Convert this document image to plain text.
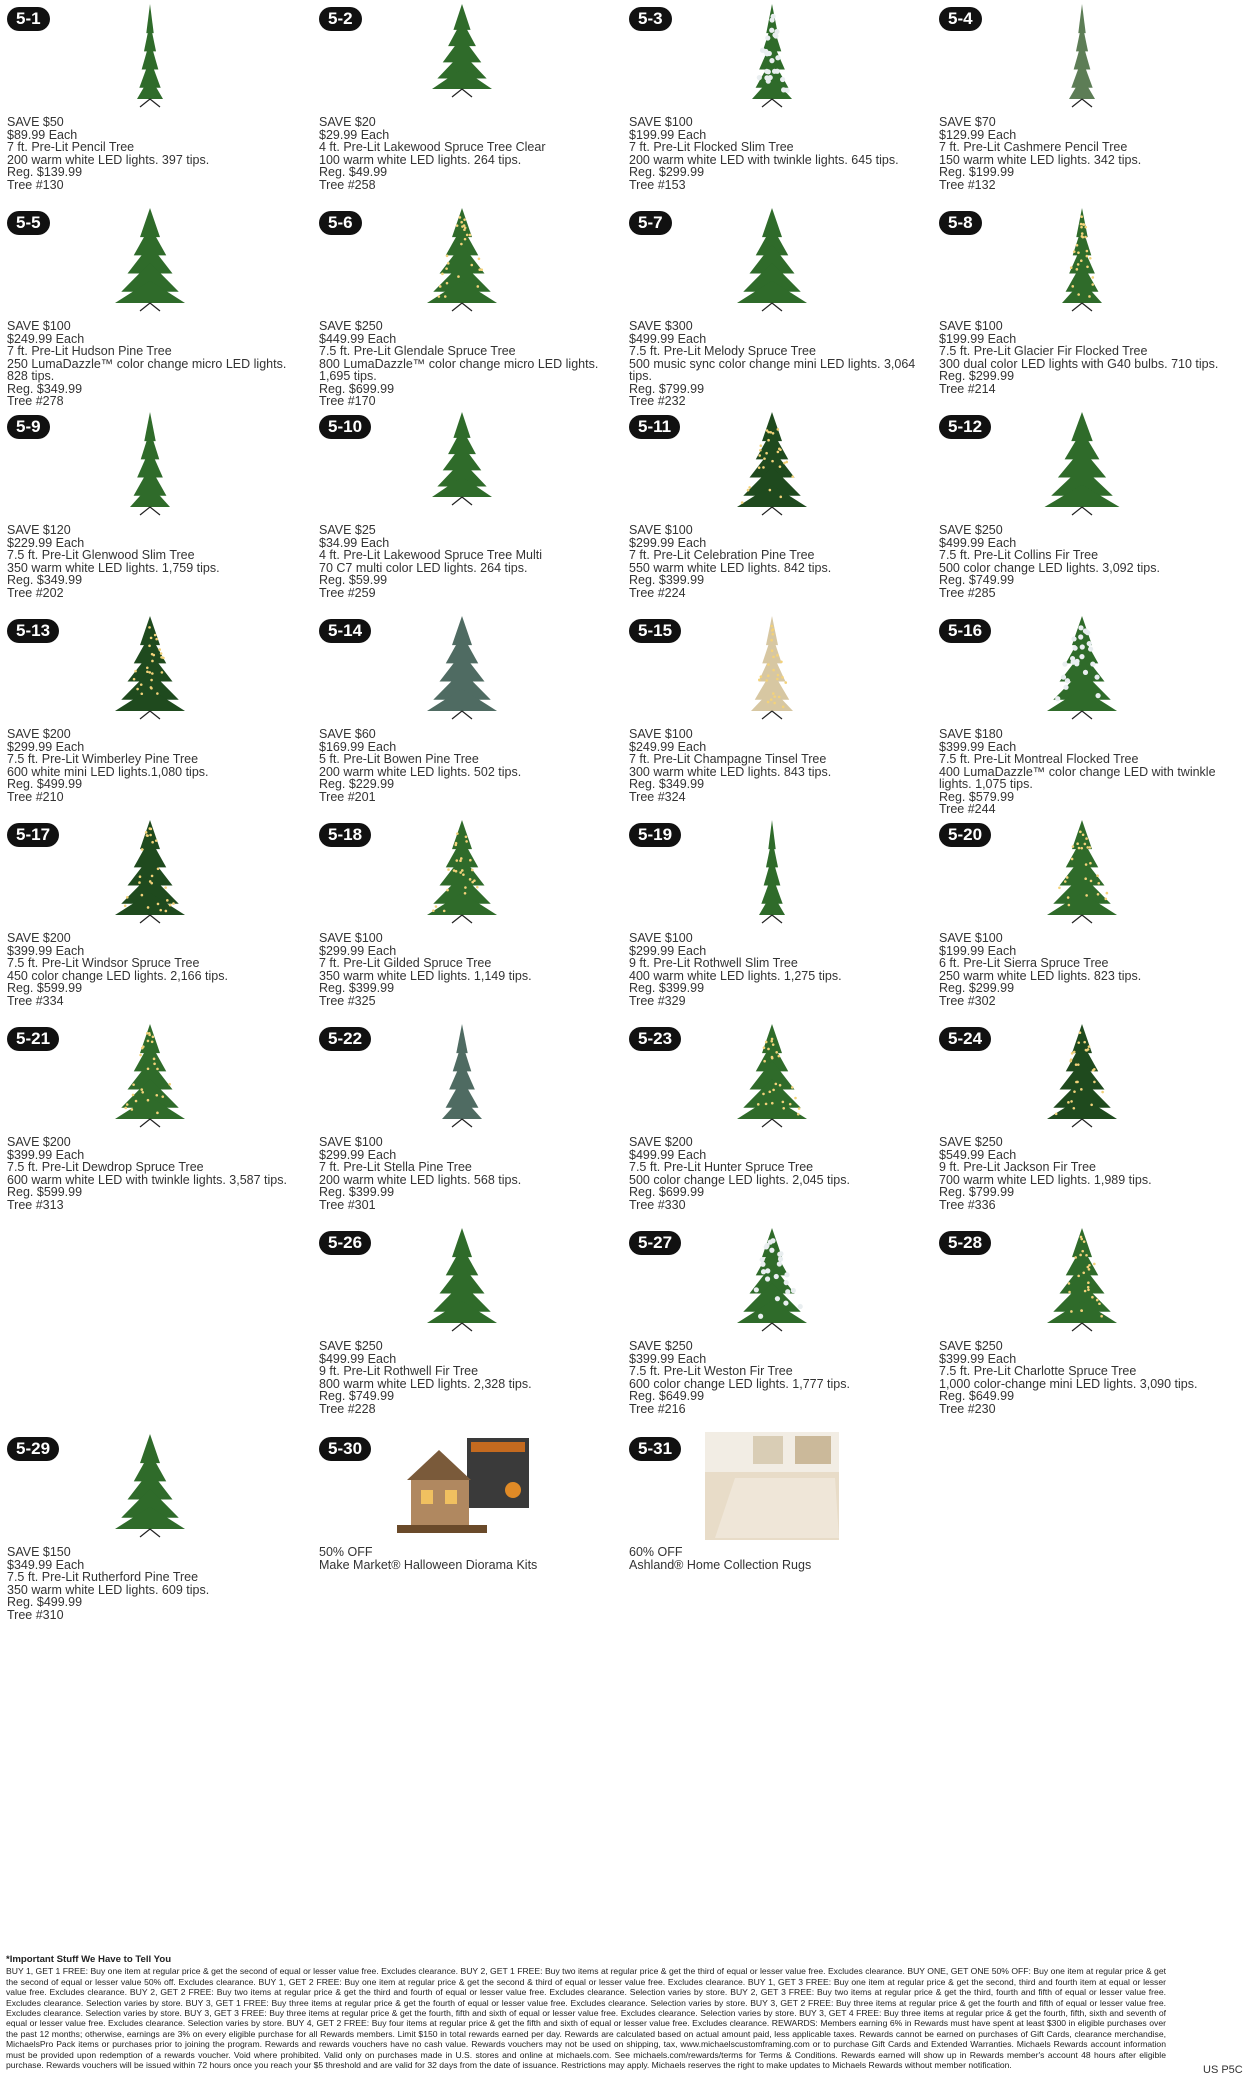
5-1
SAVE $50
$89.99 Each
7 ft. Pre-Lit Pencil Tree
200 warm white LED lights. 397 tips.
Reg. $139.99
Tree #130
5-2
SAVE $20
$29.99 Each
4 ft. Pre-Lit Lakewood Spruce Tree Clear
100 warm white LED lights. 264 tips.
Reg. $49.99
Tree #258
5-3
SAVE $100
$199.99 Each
7 ft. Pre-Lit Flocked Slim Tree
200 warm white LED with twinkle lights. 645 tips.
Reg. $299.99
Tree #153
5-4
SAVE $70
$129.99 Each
7 ft. Pre-Lit Cashmere Pencil Tree
150 warm white LED lights. 342 tips.
Reg. $199.99
Tree #132
5-5
SAVE $100
$249.99 Each
7 ft. Pre-Lit Hudson Pine Tree
250 LumaDazzle™ color change micro LED lights. 828 tips.
Reg. $349.99
Tree #278
5-6
SAVE $250
$449.99 Each
7.5 ft. Pre-Lit Glendale Spruce Tree
800 LumaDazzle™ color change micro LED lights. 1,695 tips.
Reg. $699.99
Tree #170
5-7
SAVE $300
$499.99 Each
7.5 ft. Pre-Lit Melody Spruce Tree
500 music sync color change mini LED lights. 3,064 tips.
Reg. $799.99
Tree #232
5-8
SAVE $100
$199.99 Each
7.5 ft. Pre-Lit Glacier Fir Flocked Tree
300 dual color LED lights with G40 bulbs. 710 tips.
Reg. $299.99
Tree #214
5-9
SAVE $120
$229.99 Each
7.5 ft. Pre-Lit Glenwood Slim Tree
350 warm white LED lights. 1,759 tips.
Reg. $349.99
Tree #202
5-10
SAVE $25
$34.99 Each
4 ft. Pre-Lit Lakewood Spruce Tree Multi
70 C7 multi color LED lights. 264 tips.
Reg. $59.99
Tree #259
5-11
SAVE $100
$299.99 Each
7 ft. Pre-Lit Celebration Pine Tree
550 warm white LED lights. 842 tips.
Reg. $399.99
Tree #224
5-12
SAVE $250
$499.99 Each
7.5 ft. Pre-Lit Collins Fir Tree
500 color change LED lights. 3,092 tips.
Reg. $749.99
Tree #285
5-13
SAVE $200
$299.99 Each
7.5 ft. Pre-Lit Wimberley Pine Tree
600 white mini LED lights.1,080 tips.
Reg. $499.99
Tree #210
5-14
SAVE $60
$169.99 Each
5 ft. Pre-Lit Bowen Pine Tree
200 warm white LED lights. 502 tips.
Reg. $229.99
Tree #201
5-15
SAVE $100
$249.99 Each
7 ft. Pre-Lit Champagne Tinsel Tree
300 warm white LED lights. 843 tips.
Reg. $349.99
Tree #324
5-16
SAVE $180
$399.99 Each
7.5 ft. Pre-Lit Montreal Flocked Tree
400 LumaDazzle™ color change LED with twinkle lights. 1,075 tips.
Reg. $579.99
Tree #244
5-17
SAVE $200
$399.99 Each
7.5 ft. Pre-Lit Windsor Spruce Tree
450 color change LED lights. 2,166 tips.
Reg. $599.99
Tree #334
5-18
SAVE $100
$299.99 Each
7 ft. Pre-Lit Gilded Spruce Tree
350 warm white LED lights. 1,149 tips.
Reg. $399.99
Tree #325
5-19
SAVE $100
$299.99 Each
9 ft. Pre-Lit Rothwell Slim Tree
400 warm white LED lights. 1,275 tips.
Reg. $399.99
Tree #329
5-20
SAVE $100
$199.99 Each
6 ft. Pre-Lit Sierra Spruce Tree
250 warm white LED lights. 823 tips.
Reg. $299.99
Tree #302
5-21
SAVE $200
$399.99 Each
7.5 ft. Pre-Lit Dewdrop Spruce Tree
600 warm white LED with twinkle lights. 3,587 tips.
Reg. $599.99
Tree #313
5-22
SAVE $100
$299.99 Each
7 ft. Pre-Lit Stella Pine Tree
200 warm white LED lights. 568 tips.
Reg. $399.99
Tree #301
5-23
SAVE $200
$499.99 Each
7.5 ft. Pre-Lit Hunter Spruce Tree
500 color change LED lights. 2,045 tips.
Reg. $699.99
Tree #330
5-24
SAVE $250
$549.99 Each
9 ft. Pre-Lit Jackson Fir Tree
700 warm white LED lights. 1,989 tips.
Reg. $799.99
Tree #336
5-26
SAVE $250
$499.99 Each
9 ft. Pre-Lit Rothwell Fir Tree
800 warm white LED lights. 2,328 tips.
Reg. $749.99
Tree #228
5-27
SAVE $250
$399.99 Each
7.5 ft. Pre-Lit Weston Fir Tree
600 color change LED lights. 1,777 tips.
Reg. $649.99
Tree #216
5-28
SAVE $250
$399.99 Each
7.5 ft. Pre-Lit Charlotte Spruce Tree
1,000 color-change mini LED lights. 3,090 tips.
Reg. $649.99
Tree #230
5-29
SAVE $150
$349.99 Each
7.5 ft. Pre-Lit Rutherford Pine Tree
350 warm white LED lights. 609 tips.
Reg. $499.99
Tree #310
5-30
50% OFF
Make Market® Halloween Diorama Kits
5-31
60% OFF
Ashland® Home Collection Rugs
*Important Stuff We Have to Tell You
BUY 1, GET 1 FREE: Buy one item at regular price & get the second of equal or lesser value free. Excludes clearance. BUY 2, GET 1 FREE: Buy two items at regular price & get the third of equal or lesser value free. Excludes clearance. BUY ONE, GET ONE 50% OFF: Buy one item at regular price & get the second of equal or lesser value 50% off. Excludes clearance. BUY 1, GET 2 FREE: Buy one item at regular price & get the second & third of equal or lesser value free. Excludes clearance. BUY 1, GET 3 FREE: Buy one item at regular price & get the second, third and fourth item at equal or lesser value free. Excludes clearance. BUY 2, GET 2 FREE: Buy two items at regular price & get the third and fourth of equal or lesser value free. Excludes clearance. Selection varies by store. BUY 2, GET 3 FREE: Buy two items at regular price & get the third, fourth and fifth of equal or lesser value free. Excludes clearance. Selection varies by store. BUY 3, GET 1 FREE: Buy three items at regular price & get the fourth of equal or lesser value free. Excludes clearance. Selection varies by store. BUY 3, GET 2 FREE: Buy three items at regular price & get the fourth and fifth of equal or lesser value free. Excludes clearance. Selection varies by store. BUY 3, GET 3 FREE: Buy three items at regular price & get the fourth, fifth and sixth of equal or lesser value free. Excludes clearance. Selection varies by store. BUY 3, GET 4 FREE: Buy three items at regular price & get the fourth, fifth, sixth and seventh of equal or lesser value free. Excludes clearance. Selection varies by store. BUY 4, GET 2 FREE: Buy four items at regular price & get the fifth and sixth of equal or lesser value free. Excludes clearance. REWARDS: Members earning 6% in Rewards must have spent at least $300 in eligible purchases over the past 12 months; otherwise, earnings are 3% on every eligible purchase for all Rewards members. Limit $150 in total rewards earned per day. Rewards are calculated based on actual amount paid, less applicable taxes. Rewards cannot be earned on purchases of Gift Cards, clearance merchandise, MichaelsPro Pack items or purchases prior to joining the program. Rewards and rewards vouchers have no cash value. Rewards vouchers may not be used on shipping, tax, www.michaelscustomframing.com or to purchase Gift Cards and Extended Warranties. Michaels Rewards account information must be provided upon redemption of a rewards voucher. Void where prohibited. Valid only on purchases made in U.S. stores and online at michaels.com. See michaels.com/rewards/terms for Terms & Conditions. Rewards earned will show up in Rewards member's account 48 hours after eligible purchase. Rewards vouchers will be issued within 72 hours once you reach your $5 threshold and are valid for 32 days from the date of issuance. Restrictions may apply. Michaels reserves the right to make updates to Michaels Rewards without member notification.	US P5C
